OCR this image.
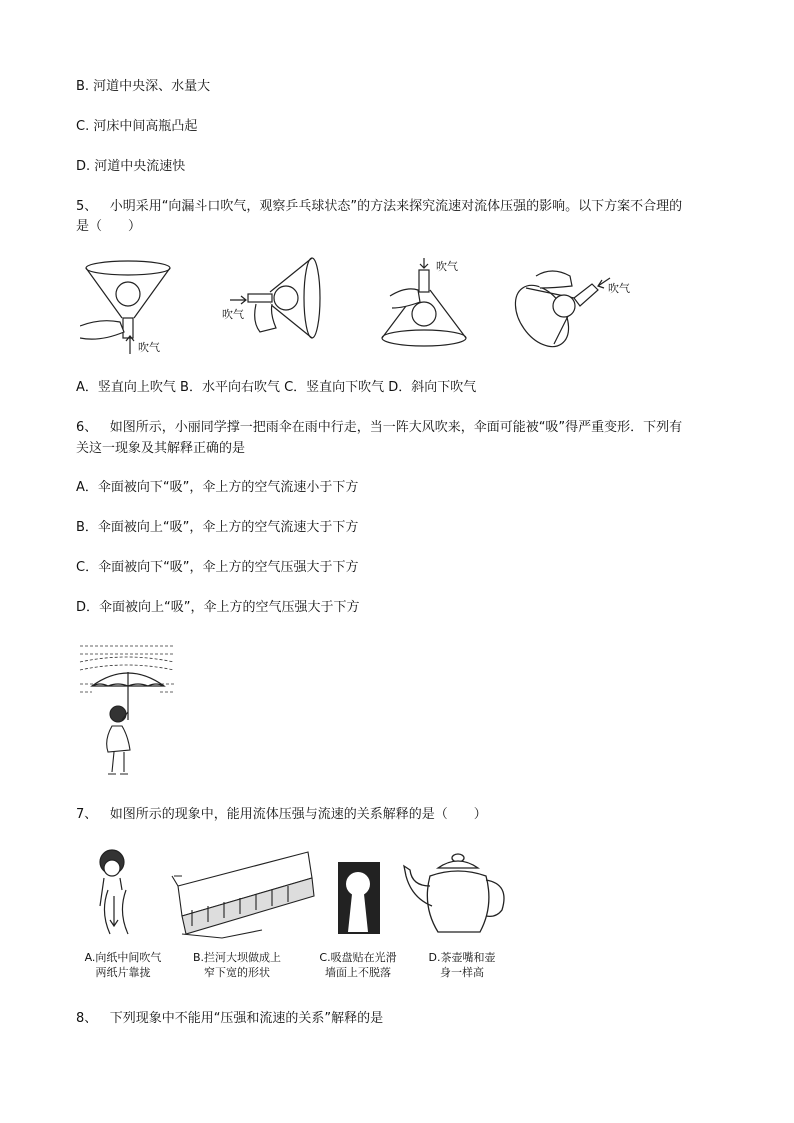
B. 河道中央深、水量大
C. 河床中间高瓶凸起
D. 河道中央流速快
5、 小明采用“向漏斗口吹气，观察乒乓球状态”的方法来探究流速对流体压强的影响。以下方案不合理的
是（　　）
吹气
吹气
吹气
吹气
A．竖直向上吹气 B．水平向右吹气 C．竖直向下吹气 D．斜向下吹气
6、 如图所示，小丽同学撑一把雨伞在雨中行走，当一阵大风吹来，伞面可能被“吸”得严重变形．下列有
关这一现象及其解释正确的是
A．伞面被向下“吸”，伞上方的空气流速小于下方
B．伞面被向上“吸”，伞上方的空气流速大于下方
C．伞面被向下“吸”，伞上方的空气压强大于下方
D．伞面被向上“吸”，伞上方的空气压强大于下方
7、 如图所示的现象中，能用流体压强与流速的关系解释的是（　　）
A.向纸中间吹气
两纸片靠拢
B.拦河大坝做成上
窄下宽的形状
C.吸盘贴在光滑
墙面上不脱落
D.茶壶嘴和壶
身一样高
8、 下列现象中不能用“压强和流速的关系”解释的是
